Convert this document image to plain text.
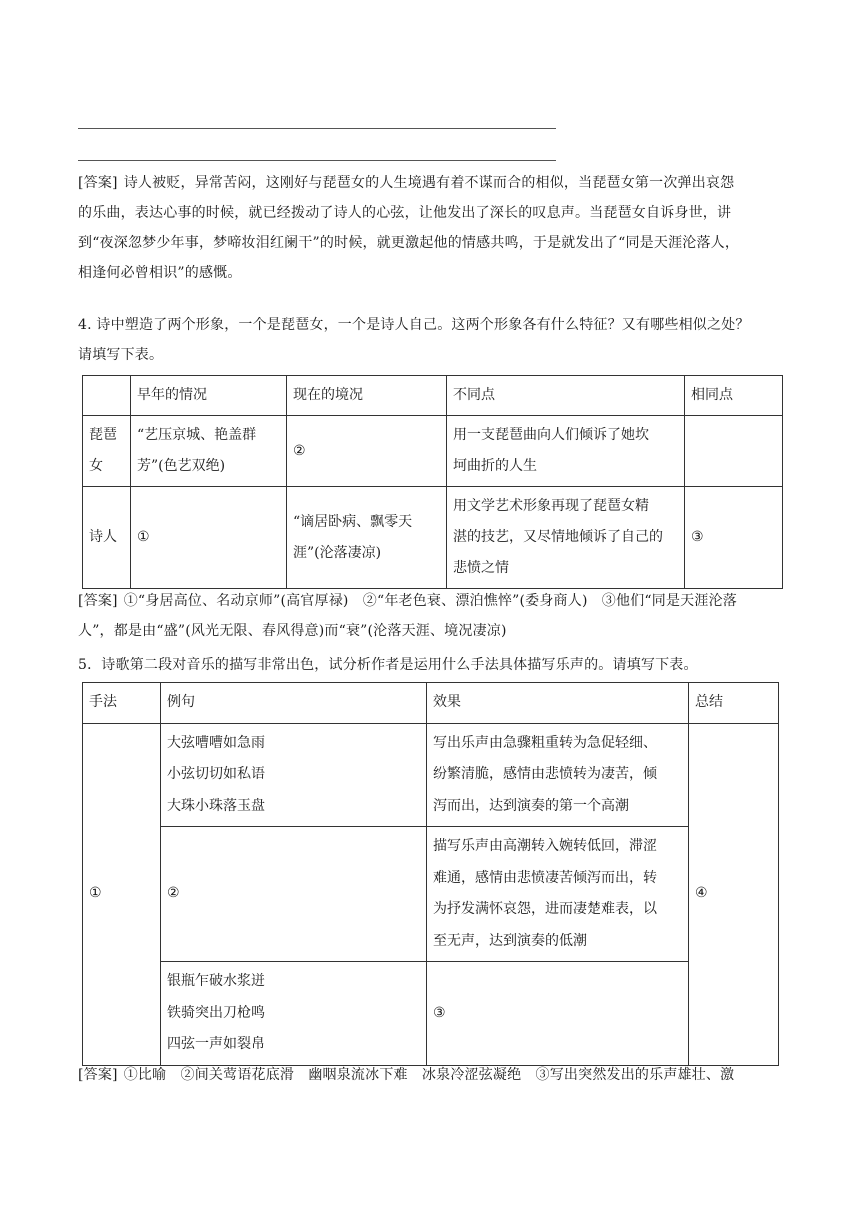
[答案] 诗人被贬，异常苦闷，这刚好与琵琶女的人生境遇有着不谋而合的相似，当琵琶女第一次弹出哀怨
的乐曲，表达心事的时候，就已经拨动了诗人的心弦，让他发出了深长的叹息声。当琵琶女自诉身世，讲
到“夜深忽梦少年事，梦啼妆泪红阑干”的时候，就更激起他的情感共鸣，于是就发出了“同是天涯沦落人，
相逢何必曾相识”的感慨。
4. 诗中塑造了两个形象，一个是琵琶女，一个是诗人自己。这两个形象各有什么特征？又有哪些相似之处？
请填写下表。
	早年的情况	现在的境况	不同点	相同点

琵琶
女	“艺压京城、艳盖群
芳”(色艺双绝)	②	用一支琵琶曲向人们倾诉了她坎
坷曲折的人生	

诗人	①	“谪居卧病、飘零天
涯”(沦落凄凉)	用文学艺术形象再现了琵琶女精
湛的技艺，又尽情地倾诉了自己的
悲愤之情	③
[答案] ①“身居高位、名动京师”(高官厚禄)　②“年老色衰、漂泊憔悴”(委身商人)　③他们“同是天涯沦落
人”，都是由“盛”(风光无限、春风得意)而“衰”(沦落天涯、境况凄凉)
5．诗歌第二段对音乐的描写非常出色，试分析作者是运用什么手法具体描写乐声的。请填写下表。
手法	例句	效果	总结
①	大弦嘈嘈如急雨
小弦切切如私语
大珠小珠落玉盘	写出乐声由急骤粗重转为急促轻细、
纷繁清脆，感情由悲愤转为凄苦，倾
泻而出，达到演奏的第一个高潮	④
	②	描写乐声由高潮转入婉转低回，滞涩
难通，感情由悲愤凄苦倾泻而出，转
为抒发满怀哀怨，进而凄楚难表，以
至无声，达到演奏的低潮	

	银瓶乍破水浆迸
铁骑突出刀枪鸣
四弦一声如裂帛	③	
[答案] ①比喻　②间关莺语花底滑　幽咽泉流冰下难　冰泉冷涩弦凝绝　③写出突然发出的乐声雄壮、激
